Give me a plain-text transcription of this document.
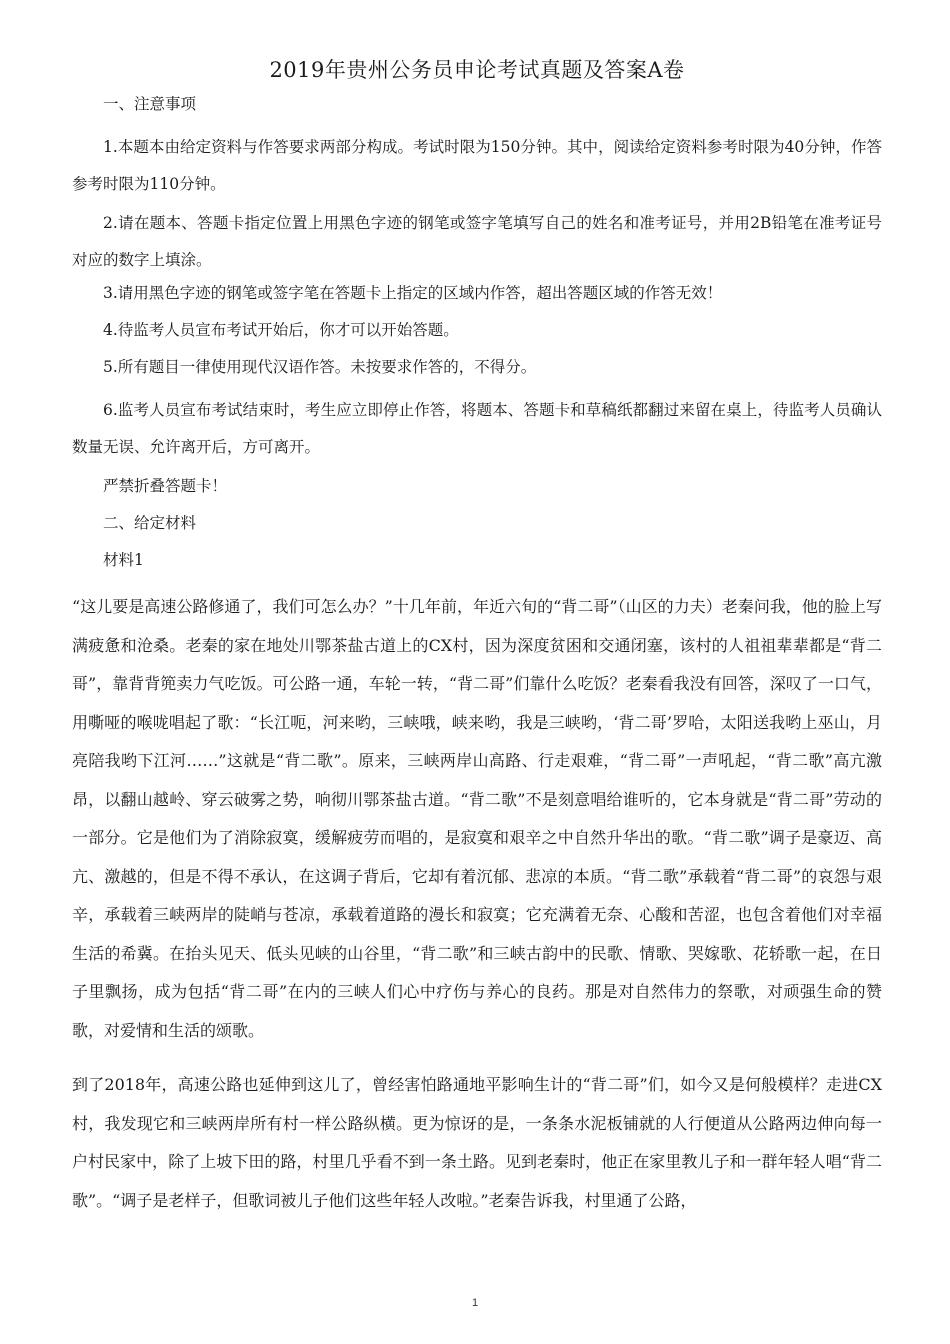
2019年贵州公务员申论考试真题及答案A卷

一、注意事项

1.本题本由给定资料与作答要求两部分构成。考试时限为150分钟。其中，阅读给定资料参考时限为40分钟，作答参考时限为110分钟。

2.请在题本、答题卡指定位置上用黑色字迹的钢笔或签字笔填写自己的姓名和准考证号，并用2B铅笔在准考证号对应的数字上填涂。

3.请用黑色字迹的钢笔或签字笔在答题卡上指定的区域内作答，超出答题区域的作答无效！

4.待监考人员宣布考试开始后，你才可以开始答题。

5.所有题目一律使用现代汉语作答。未按要求作答的，不得分。

6.监考人员宣布考试结束时，考生应立即停止作答，将题本、答题卡和草稿纸都翻过来留在桌上，待监考人员确认数量无误、允许离开后，方可离开。

严禁折叠答题卡！

二、给定材料

材料1

“这儿要是高速公路修通了，我们可怎么办？”十几年前，年近六旬的“背二哥”（山区的力夫）老秦问我，他的脸上写满疲惫和沧桑。老秦的家在地处川鄂茶盐古道上的CX村，因为深度贫困和交通闭塞，该村的人祖祖辈辈都是“背二哥”，靠背背篼卖力气吃饭。可公路一通，车轮一转，“背二哥”们靠什么吃饭？老秦看我没有回答，深叹了一口气，用嘶哑的喉咙唱起了歌：“长江呃，河来哟，三峡哦，峡来哟，我是三峡哟，‘背二哥’罗哈，太阳送我哟上巫山，月亮陪我哟下江河……”这就是“背二歌”。原来，三峡两岸山高路、行走艰难，“背二哥”一声吼起，“背二歌”高亢激昂，以翻山越岭、穿云破雾之势，响彻川鄂茶盐古道。“背二歌”不是刻意唱给谁听的，它本身就是“背二哥”劳动的一部分。它是他们为了消除寂寞，缓解疲劳而唱的，是寂寞和艰辛之中自然升华出的歌。“背二歌”调子是豪迈、高亢、激越的，但是不得不承认，在这调子背后，它却有着沉郁、悲凉的本质。“背二歌”承载着“背二哥”的哀怨与艰辛，承载着三峡两岸的陡峭与苍凉，承载着道路的漫长和寂寞；它充满着无奈、心酸和苦涩，也包含着他们对幸福生活的希冀。在抬头见天、低头见峡的山谷里，“背二歌”和三峡古韵中的民歌、情歌、哭嫁歌、花轿歌一起，在日子里飘扬，成为包括“背二哥”在内的三峡人们心中疗伤与养心的良药。那是对自然伟力的祭歌，对顽强生命的赞歌，对爱情和生活的颂歌。

到了2018年，高速公路也延伸到这儿了，曾经害怕路通地平影响生计的“背二哥”们，如今又是何般模样？走进CX村，我发现它和三峡两岸所有村一样公路纵横。更为惊讶的是，一条条水泥板铺就的人行便道从公路两边伸向每一户村民家中，除了上坡下田的路，村里几乎看不到一条土路。见到老秦时，他正在家里教儿子和一群年轻人唱“背二歌”。“调子是老样子，但歌词被儿子他们这些年轻人改啦。”老秦告诉我，村里通了公路，

1
